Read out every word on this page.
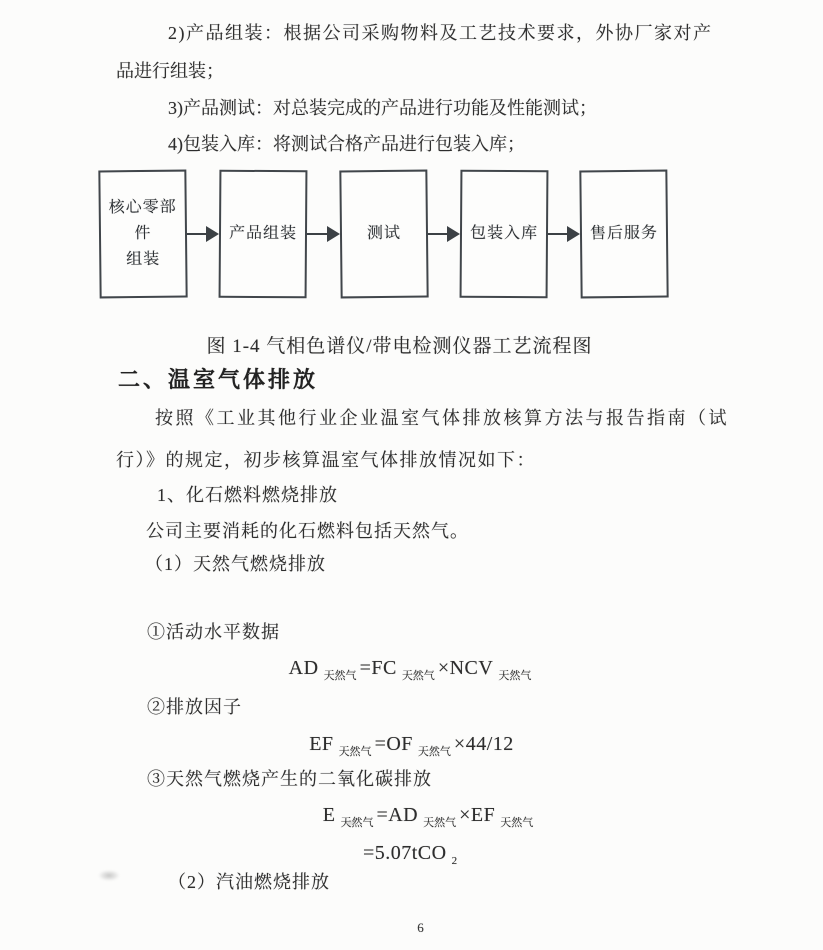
2)产品组装：根据公司采购物料及工艺技术要求，外协厂家对产
品进行组装；
3)产品测试：对总装完成的产品进行功能及性能测试；
4)包装入库：将测试合格产品进行包装入库；
核心零部件
组装
产品组装	测试	包装入库	售后服务
图 1-4 气相色谱仪/带电检测仪器工艺流程图
二、温室气体排放
按照《工业其他行业企业温室气体排放核算方法与报告指南（试
行）》的规定，初步核算温室气体排放情况如下：
1、化石燃料燃烧排放
公司主要消耗的化石燃料包括天然气。
（1）天然气燃烧排放
①活动水平数据
AD $_{天然气}$ =FC $_{天然气}$ ×NCV $_{天然气}$
②排放因子
EF $_{天然气}$ =OF $_{天然气}$ ×44/12
③天然气燃烧产生的二氧化碳排放
E $_{天然气}$ =AD $_{天然气}$ ×EF $_{天然气}$
=5.07tCO $_2$
（2）汽油燃烧排放
6
